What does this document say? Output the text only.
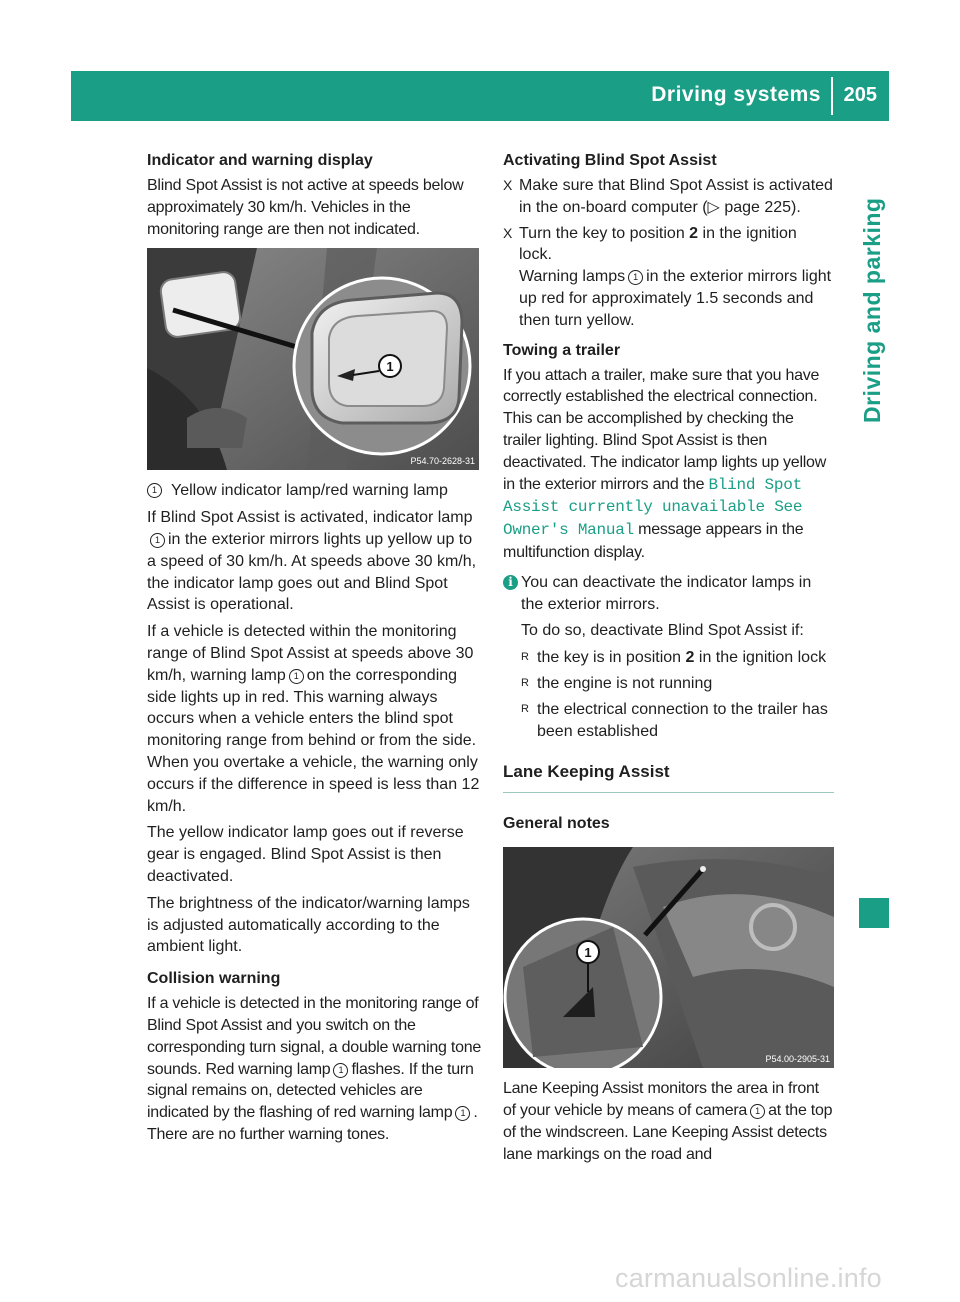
Driving systems 205
Driving and parking
Indicator and warning display

Blind Spot Assist is not active at speeds below approximately 30 km/h. Vehicles in the monitoring range are then not indicated.

1
P54.70-2628-31
1 Yellow indicator lamp/red warning lamp

If Blind Spot Assist is activated, indicator lamp1 in the exterior mirrors lights up yellow up to a speed of 30 km/h. At speeds above 30 km/h, the indicator lamp goes out and Blind Spot Assist is operational.

If a vehicle is detected within the monitoring range of Blind Spot Assist at speeds above 30 km/h, warning lamp 1 on the corresponding side lights up in red. This warning always occurs when a vehicle enters the blind spot monitoring range from behind or from the side. When you overtake a vehicle, the warning only occurs if the difference in speed is less than 12 km/h.

The yellow indicator lamp goes out if reverse gear is engaged. Blind Spot Assist is then deactivated.

The brightness of the indicator/warning lamps is adjusted automatically according to the ambient light.

Collision warning

If a vehicle is detected in the monitoring range of Blind Spot Assist and you switch on the corresponding turn signal, a double warning tone sounds. Red warning lamp 1 flashes. If the turn signal remains on, detected vehicles are indicated by the flashing of red warning lamp 1 . There are no further warning tones.

Activating Blind Spot Assist
X Make sure that Blind Spot Assist is activated in the on-board computer (▷ page 225).
X Turn the key to position 2 in the ignition lock.
Warning lamps 1 in the exterior mirrors light up red for approximately 1.5 seconds and then turn yellow.
Towing a trailer

If you attach a trailer, make sure that you have correctly established the electrical connection. This can be accomplished by checking the trailer lighting. Blind Spot Assist is then deactivated. The indicator lamp lights up yellow in the exterior mirrors and the Blind Spot Assist currently unavailable See Owner's Manual message appears in the multifunction display.

i You can deactivate the indicator lamps in the exterior mirrors.

To do so, deactivate Blind Spot Assist if:

R the key is in position 2 in the ignition lock
R the engine is not running
R the electrical connection to the trailer has been established
Lane Keeping Assist
General notes
1
P54.00-2905-31

Lane Keeping Assist monitors the area in front of your vehicle by means of camera 1 at the top of the windscreen. Lane Keeping Assist detects lane markings on the road and

carmanualsonline.info
